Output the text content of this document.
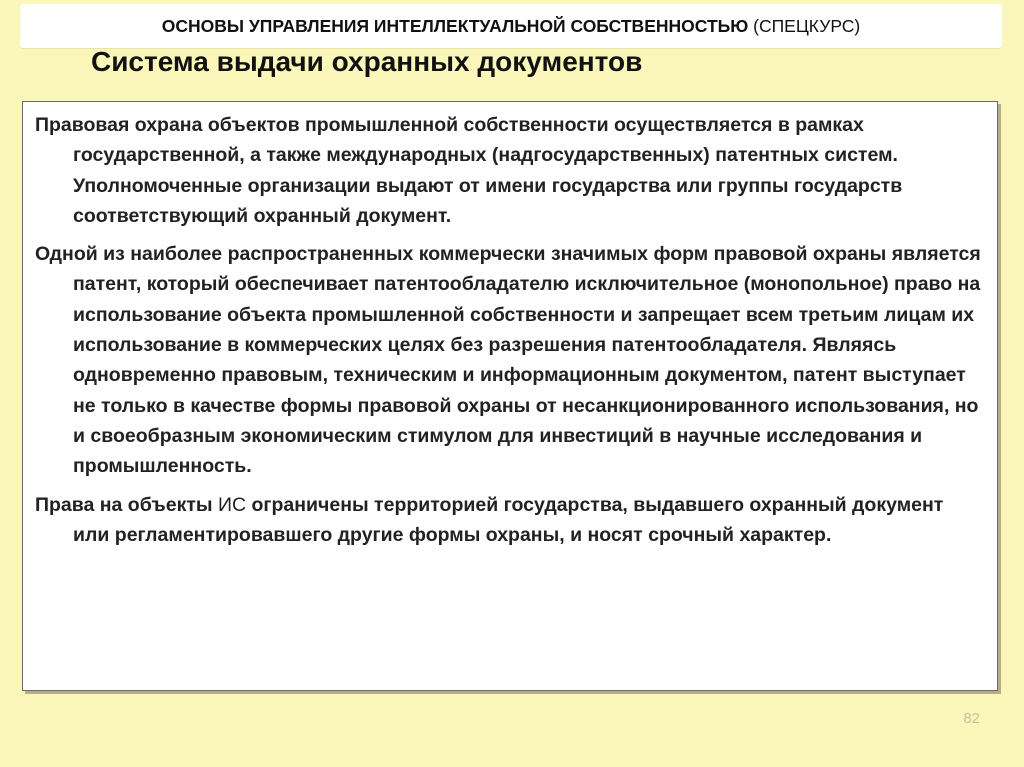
ОСНОВЫ УПРАВЛЕНИЯ ИНТЕЛЛЕКТУАЛЬНОЙ СОБСТВЕННОСТЬЮ (СПЕЦКУРС)
Система выдачи охранных документов

Правовая охрана объектов промышленной собственности осуществляется в рамках государственной, а также международных (надгосударственных) патентных систем. Уполномоченные организации выдают от имени государства или группы государств соответствующий охранный документ.

Одной из наиболее распространенных коммерчески значимых форм правовой охраны является патент, который обеспечивает патентообладателю исключительное (монопольное) право на использование объекта промышленной собственности и запрещает всем третьим лицам их использование в коммерческих целях без разрешения патентообладателя. Являясь одновременно правовым, техническим и информационным документом, патент выступает не только в качестве формы правовой охраны от несанкционированного использования, но и своеобразным экономическим стимулом для инвестиций в научные исследования и промышленность.

Права на объекты ИС ограничены территорией государства, выдавшего охранный документ или регламентировавшего другие формы охраны, и носят срочный характер.

82
